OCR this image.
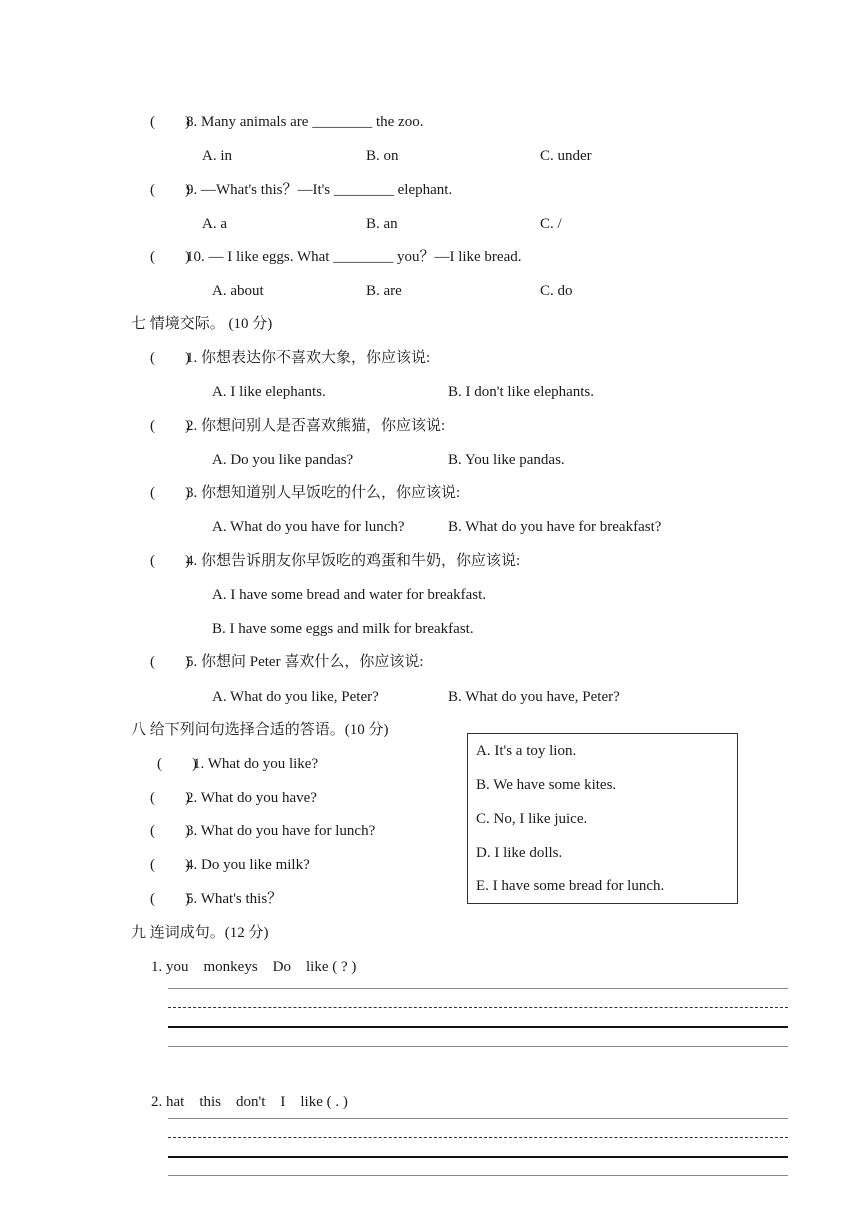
(        )
8. Many animals are ________ the zoo.
A. in	B. on	C. under
(        )
9. —What's this？—It's ________ elephant.
A. a	B. an	C. /
(        )
10. — I like eggs. What ________ you？—I like bread.
A. about	B. are	C. do
七 情境交际。 (10 分)
(        )
1. 你想表达你不喜欢大象，你应该说:
A. I like elephants.	B. I don't like elephants.
(        )
2. 你想问别人是否喜欢熊猫，你应该说:
A. Do you like pandas?	B. You like pandas.
(        )
3. 你想知道别人早饭吃的什么，你应该说:
A. What do you have for lunch?	B. What do you have for breakfast?
(        )
4. 你想告诉朋友你早饭吃的鸡蛋和牛奶，你应该说:
A. I have some bread and water for breakfast.
B. I have some eggs and milk for breakfast.
(        )
5. 你想问 Peter 喜欢什么，你应该说:
A. What do you like, Peter?	B. What do you have, Peter?
八 给下列问句选择合适的答语。(10 分)
(        )
1. What do you like?
(        )
2. What do you have?
(        )
3. What do you have for lunch?
(        )
4. Do you like milk?
(        )
5. What's this？
A. It's a toy lion.
B. We have some kites.
C. No, I like juice.
D. I like dolls.
E. I have some bread for lunch.
九 连词成句。(12 分)
1. you    monkeys    Do    like ( ? )
2. hat    this    don't    I    like ( . )
